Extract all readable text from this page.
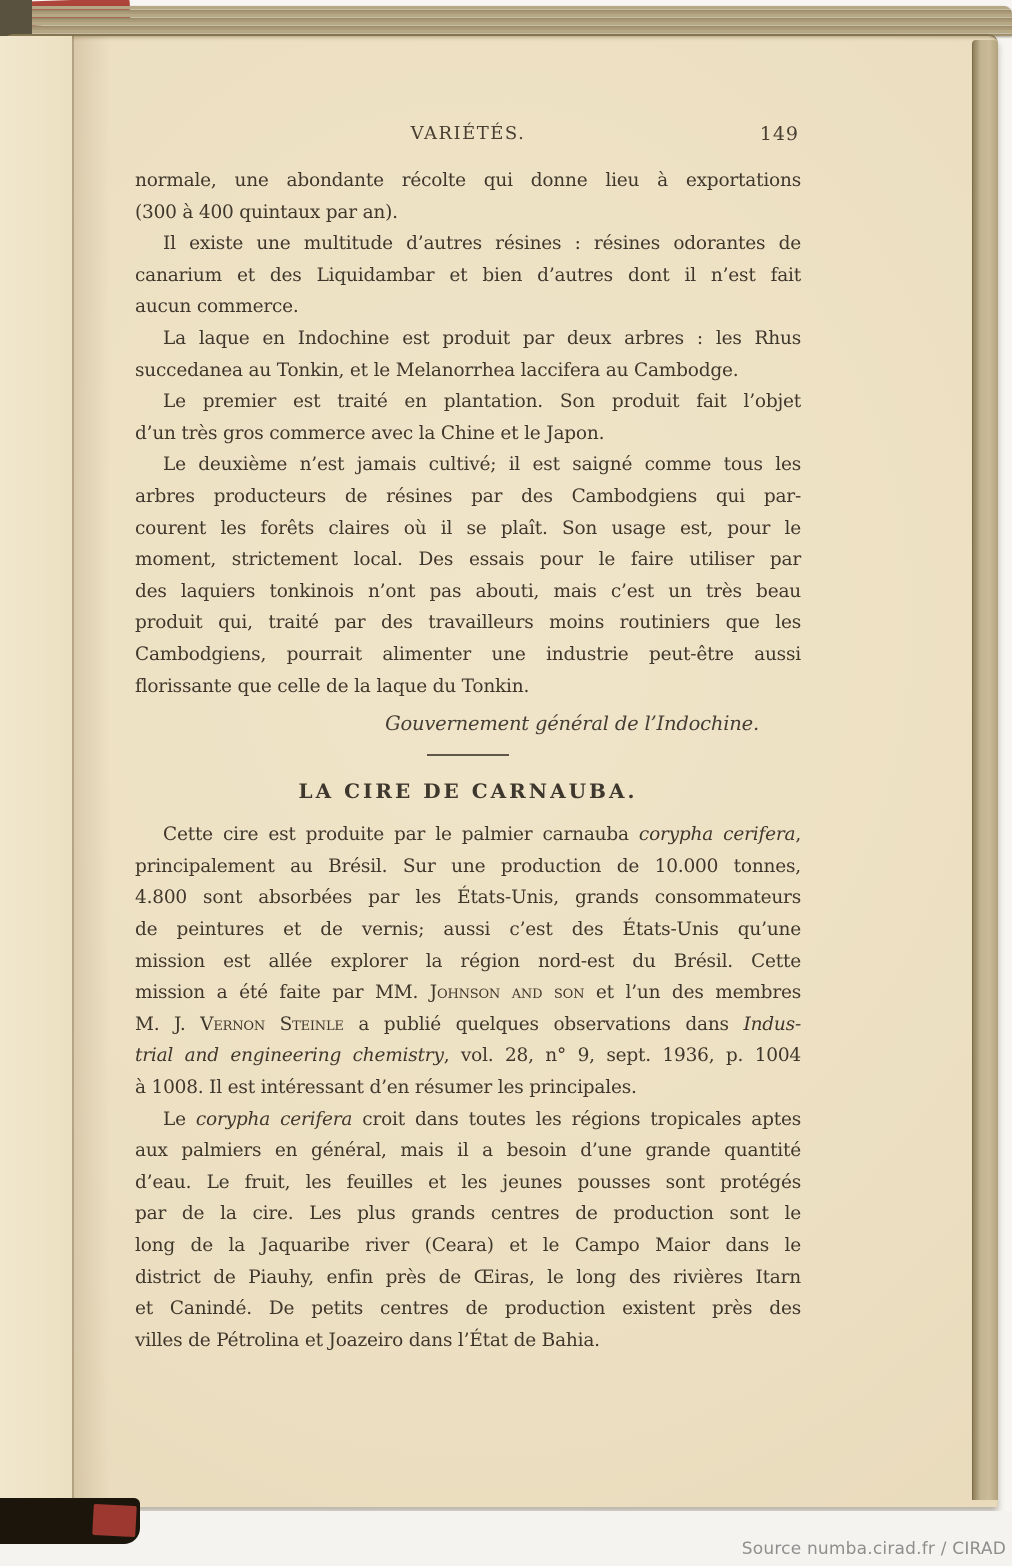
VARIÉTÉS.	149
normale, une abondante récolte qui donne lieu à exportations
(300 à 400 quintaux par an).
Il existe une multitude d’autres résines : résines odorantes de
canarium et des Liquidambar et bien d’autres dont il n’est fait
aucun commerce.
La laque en Indochine est produit par deux arbres : les Rhus
succedanea au Tonkin, et le Melanorrhea laccifera au Cambodge.
Le premier est traité en plantation. Son produit fait l’objet
d’un très gros commerce avec la Chine et le Japon.
Le deuxième n’est jamais cultivé; il est saigné comme tous les
arbres producteurs de résines par des Cambodgiens qui par-
courent les forêts claires où il se plaît. Son usage est, pour le
moment, strictement local. Des essais pour le faire utiliser par
des laquiers tonkinois n’ont pas abouti, mais c’est un très beau
produit qui, traité par des travailleurs moins routiniers que les
Cambodgiens, pourrait alimenter une industrie peut-être aussi
florissante que celle de la laque du Tonkin.
Gouvernement général de l’Indochine.
LA CIRE DE CARNAUBA.
Cette cire est produite par le palmier carnauba corypha cerifera,
principalement au Brésil. Sur une production de 10.000 tonnes,
4.800 sont absorbées par les États-Unis, grands consommateurs
de peintures et de vernis; aussi c’est des États-Unis qu’une
mission est allée explorer la région nord-est du Brésil. Cette
mission a été faite par MM. Johnson and son et l’un des membres
M. J. Vernon Steinle a publié quelques observations dans Indus-
trial and engineering chemistry, vol. 28, n° 9, sept. 1936, p. 1004
à 1008. Il est intéressant d’en résumer les principales.
Le corypha cerifera croit dans toutes les régions tropicales aptes
aux palmiers en général, mais il a besoin d’une grande quantité
d’eau. Le fruit, les feuilles et les jeunes pousses sont protégés
par de la cire. Les plus grands centres de production sont le
long de la Jaquaribe river (Ceara) et le Campo Maior dans le
district de Piauhy, enfin près de Œiras, le long des rivières Itarn
et Canindé. De petits centres de production existent près des
villes de Pétrolina et Joazeiro dans l’État de Bahia.
Source numba.cirad.fr / CIRAD
